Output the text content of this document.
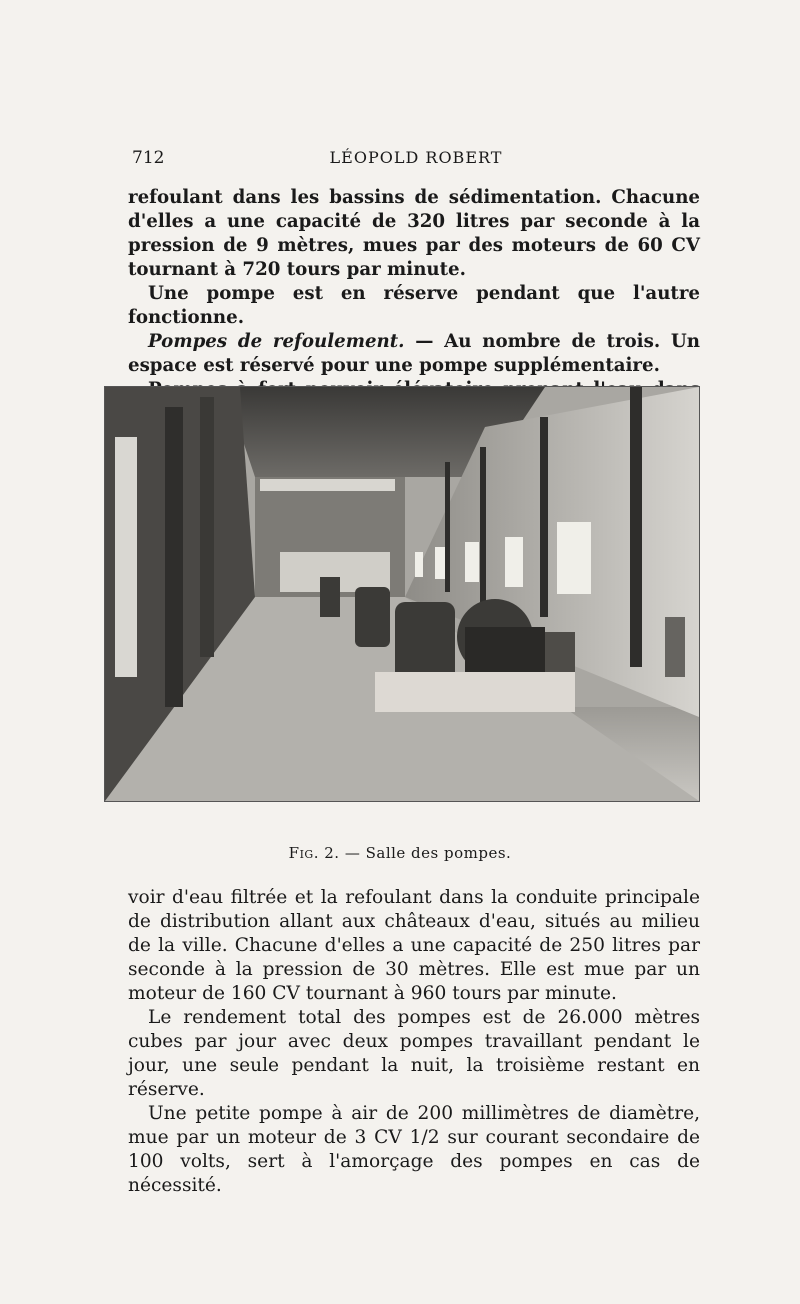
712	LÉOPOLD ROBERT

refoulant dans les bassins de sédimentation. Chacune d'elles a une capacité de 320 litres par seconde à la pression de 9 mètres, mues par des moteurs de 60 CV tournant à 720 tours par minute.

Une pompe est en réserve pendant que l'autre fonctionne.

Pompes de refoulement. — Au nombre de trois. Un espace est réservé pour une pompe supplémentaire.

Fig. 2. — Salle des pompes.

voir d'eau filtrée et la refoulant dans la conduite principale de distribution allant aux châteaux d'eau, situés au milieu de la ville. Chacune d'elles a une capacité de 250 litres par seconde à la pression de 30 mètres. Elle est mue par un moteur de 160 CV tournant à 960 tours par minute.

Le rendement total des pompes est de 26.000 mètres cubes par jour avec deux pompes travaillant pendant le jour, une seule pendant la nuit, la troisième restant en réserve.

Une petite pompe à air de 200 millimètres de diamètre, mue par un moteur de 3 CV 1/2 sur courant secondaire de 100 volts, sert à l'amorçage des pompes en cas de nécessité.
